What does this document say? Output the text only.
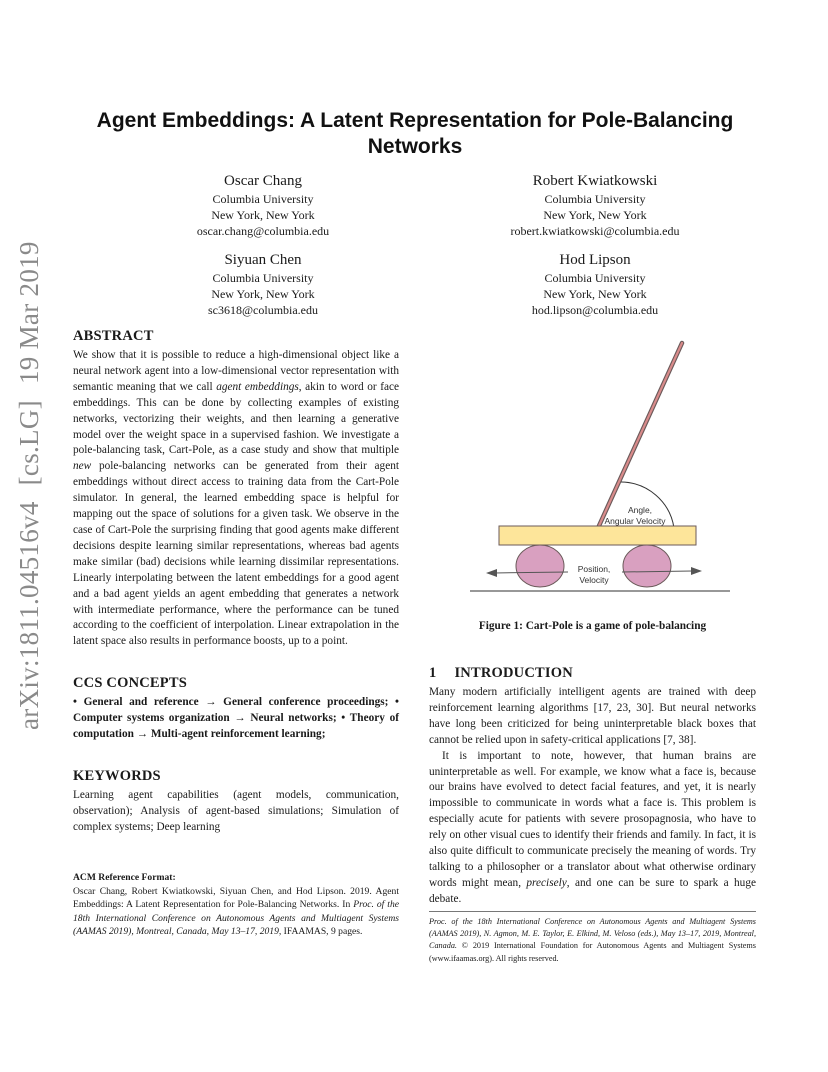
arXiv:1811.04516v4[cs.LG]19 Mar 2019
Agent Embeddings: A Latent Representation for Pole-Balancing Networks
Oscar Chang
Columbia University
New York, New York
oscar.chang@columbia.edu
Robert Kwiatkowski
Columbia University
New York, New York
robert.kwiatkowski@columbia.edu
Siyuan Chen
Columbia University
New York, New York
sc3618@columbia.edu
Hod Lipson
Columbia University
New York, New York
hod.lipson@columbia.edu
ABSTRACT

We show that it is possible to reduce a high-dimensional object like a neural network agent into a low-dimensional vector representation with semantic meaning that we call agent embeddings, akin to word or face embeddings. This can be done by collecting examples of existing networks, vectorizing their weights, and then learning a generative model over the weight space in a supervised fashion. We investigate a pole-balancing task, Cart-Pole, as a case study and show that multiple new pole-balancing networks can be generated from their agent embeddings without direct access to training data from the Cart-Pole simulator. In general, the learned embedding space is helpful for mapping out the space of solutions for a given task. We observe in the case of Cart-Pole the surprising finding that good agents make different decisions despite learning similar representations, whereas bad agents make similar (bad) decisions while learning dissimilar representations. Linearly interpolating between the latent embeddings for a good agent and a bad agent yields an agent embedding that generates a network with intermediate performance, where the performance can be tuned according to the coefficient of interpolation. Linear extrapolation in the latent space also results in performance boosts, up to a point.

CCS CONCEPTS

• General and reference → General conference proceedings; • Computer systems organization → Neural networks; • Theory of computation → Multi-agent reinforcement learning;

KEYWORDS

Learning agent capabilities (agent models, communication, observation); Analysis of agent-based simulations; Simulation of complex systems; Deep learning

ACM Reference Format:

Oscar Chang, Robert Kwiatkowski, Siyuan Chen, and Hod Lipson. 2019. Agent Embeddings: A Latent Representation for Pole-Balancing Networks. In Proc. of the 18th International Conference on Autonomous Agents and Multiagent Systems (AAMAS 2019), Montreal, Canada, May 13–17, 2019, IFAAMAS, 9 pages.

Angle,
Angular Velocity
Position,
Velocity
Figure 1: Cart-Pole is a game of pole-balancing
1 INTRODUCTION

Many modern artificially intelligent agents are trained with deep reinforcement learning algorithms [17, 23, 30]. But neural networks have long been criticized for being uninterpretable black boxes that cannot be relied upon in safety-critical applications [7, 38].

It is important to note, however, that human brains are uninterpretable as well. For example, we know what a face is, because our brains have evolved to detect facial features, and yet, it is nearly impossible to communicate in words what a face is. This problem is especially acute for patients with severe prosopagnosia, who have to rely on other visual cues to identify their friends and family. In fact, it is also quite difficult to communicate precisely the meaning of words. Try talking to a philosopher or a translator about what otherwise ordinary words might mean, precisely, and one can be sure to spark a huge debate.

Proc. of the 18th International Conference on Autonomous Agents and Multiagent Systems (AAMAS 2019), N. Agmon, M. E. Taylor, E. Elkind, M. Veloso (eds.), May 13–17, 2019, Montreal, Canada. © 2019 International Foundation for Autonomous Agents and Multiagent Systems (www.ifaamas.org). All rights reserved.
